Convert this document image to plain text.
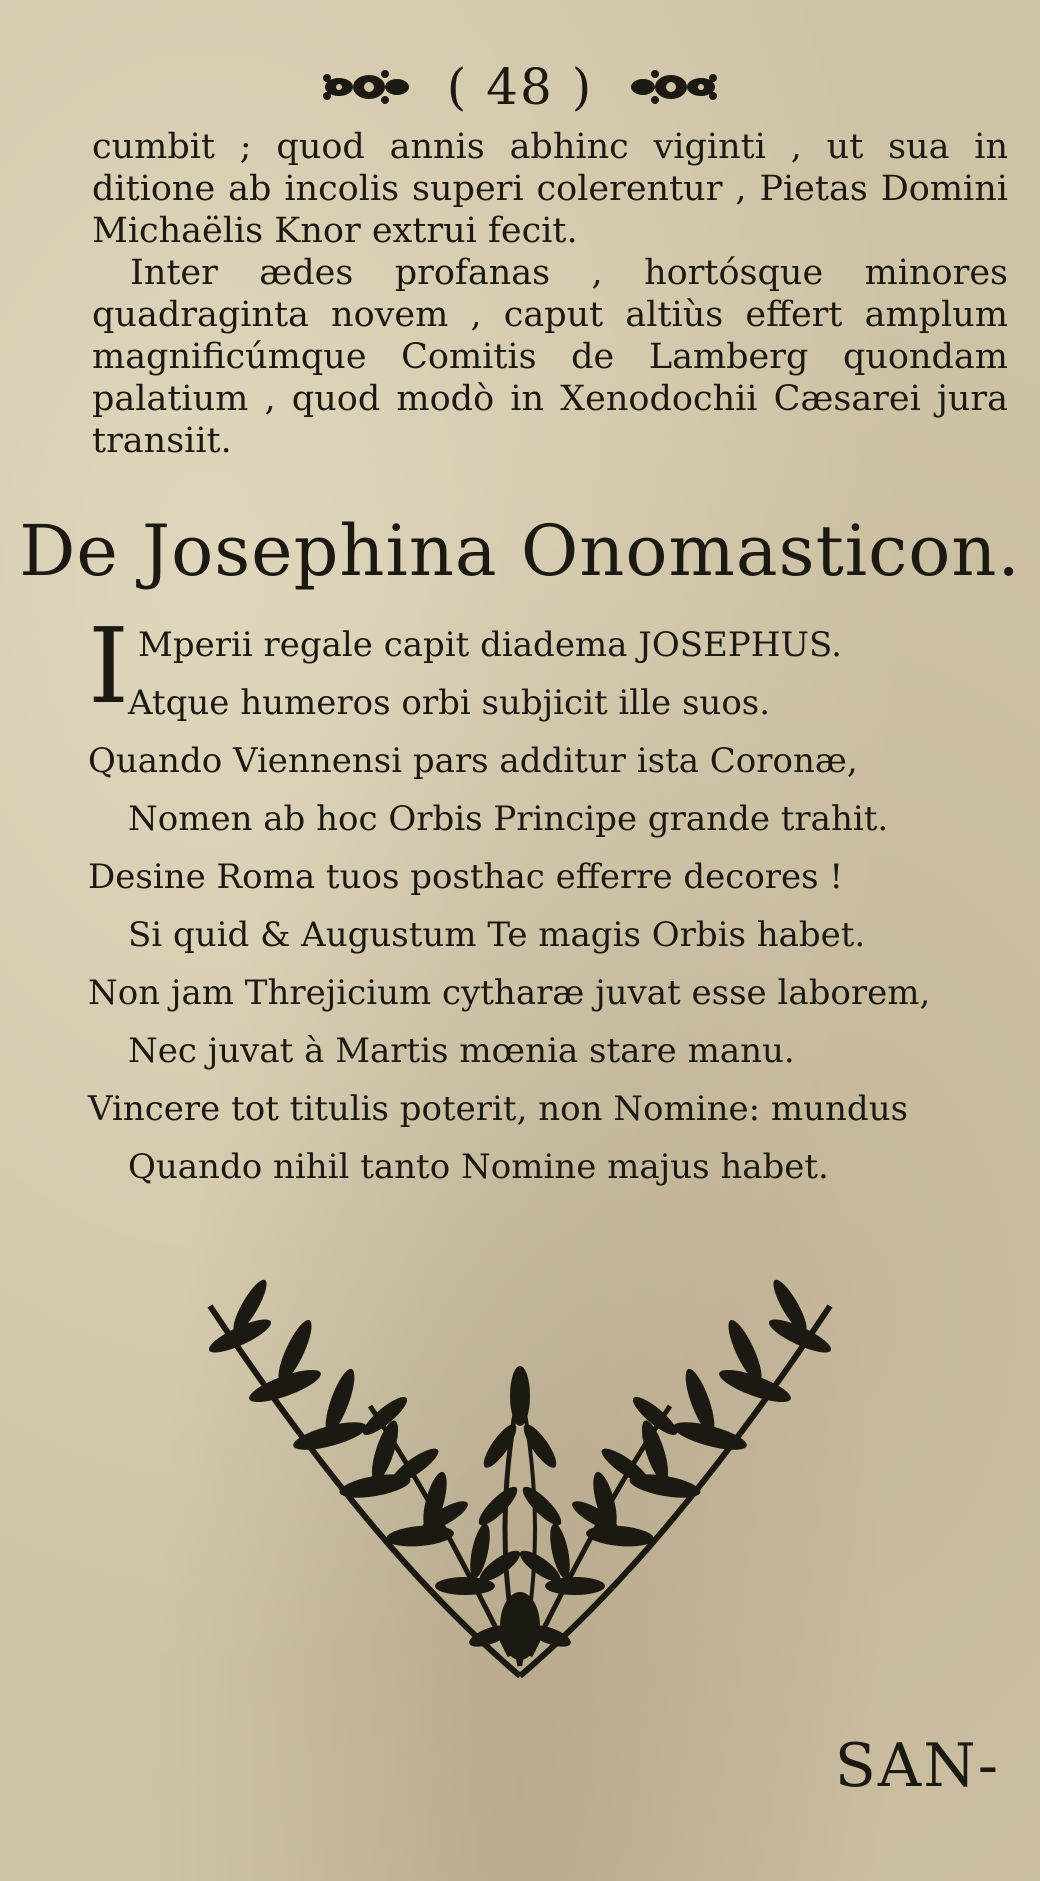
( 48 )

cumbit ; quod annis abhinc viginti , ut sua in ditione ab incolis superi colerentur , Pietas Domini Michaëlis Knor extrui fecit.

Inter ædes profanas , hortósque minores quadraginta novem , caput altiùs effert amplum magnificúmque Comitis de Lamberg quondam palatium , quod modò in Xenodochii Cæsarei jura transiit.

De Josephina Onomasticon.
I Mperii regale capit diadema JOSEPHUS.
Atque humeros orbi subjicit ille suos.
Quando Viennensi pars additur ista Coronæ,
Nomen ab hoc Orbis Principe grande trahit.
Desine Roma tuos posthac efferre decores !
Si quid & Augustum Te magis Orbis habet.
Non jam Threjicium cytharæ juvat esse laborem,
Nec juvat à Martis mœnia stare manu.
Vincere tot titulis poterit, non Nomine: mundus
Quando nihil tanto Nomine majus habet.
SAN-
